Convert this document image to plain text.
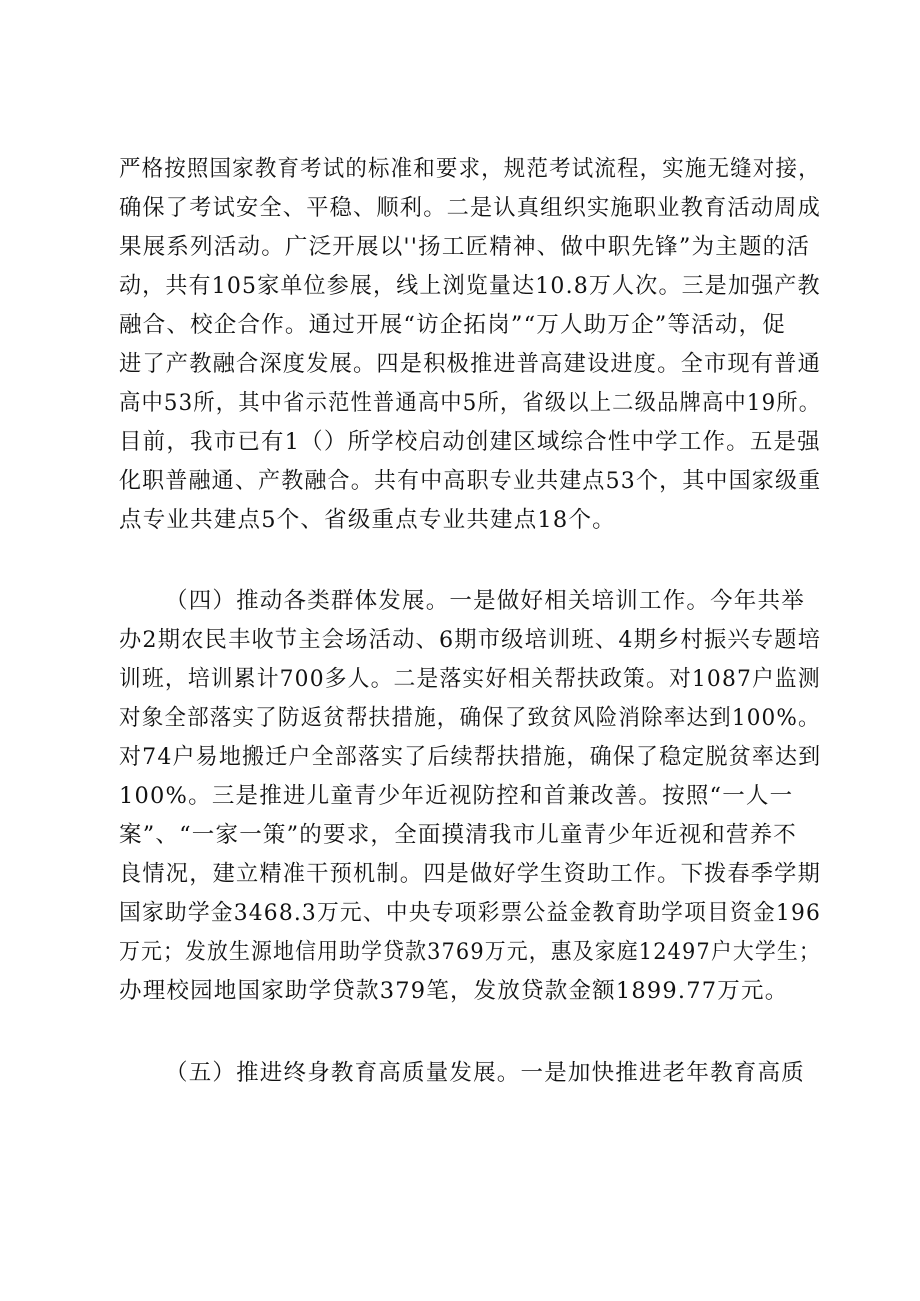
严格按照国家教育考试的标准和要求，规范考试流程，实施无缝对接，
确保了考试安全、平稳、顺利。二是认真组织实施职业教育活动周成
果展系列活动。广泛开展以''扬工匠精神、做中职先锋”为主题的活
动，共有105家单位参展，线上浏览量达10.8万人次。三是加强产教
融合、校企合作。通过开展“访企拓岗”“万人助万企”等活动，促
进了产教融合深度发展。四是积极推进普高建设进度。全市现有普通
高中53所，其中省示范性普通高中5所，省级以上二级品牌高中19所。
目前，我市已有1（）所学校启动创建区域综合性中学工作。五是强
化职普融通、产教融合。共有中高职专业共建点53个，其中国家级重
点专业共建点5个、省级重点专业共建点18个。
（四）推动各类群体发展。一是做好相关培训工作。今年共举
办2期农民丰收节主会场活动、6期市级培训班、4期乡村振兴专题培
训班，培训累计700多人。二是落实好相关帮扶政策。对1087户监测
对象全部落实了防返贫帮扶措施，确保了致贫风险消除率达到100%。
对74户易地搬迁户全部落实了后续帮扶措施，确保了稳定脱贫率达到
100%。三是推进儿童青少年近视防控和首兼改善。按照“一人一
案”、“一家一策”的要求，全面摸清我市儿童青少年近视和营养不
良情况，建立精准干预机制。四是做好学生资助工作。下拨春季学期
国家助学金3468.3万元、中央专项彩票公益金教育助学项目资金196
万元；发放生源地信用助学贷款3769万元，惠及家庭12497户大学生；
办理校园地国家助学贷款379笔，发放贷款金额1899.77万元。
（五）推进终身教育高质量发展。一是加快推进老年教育高质
